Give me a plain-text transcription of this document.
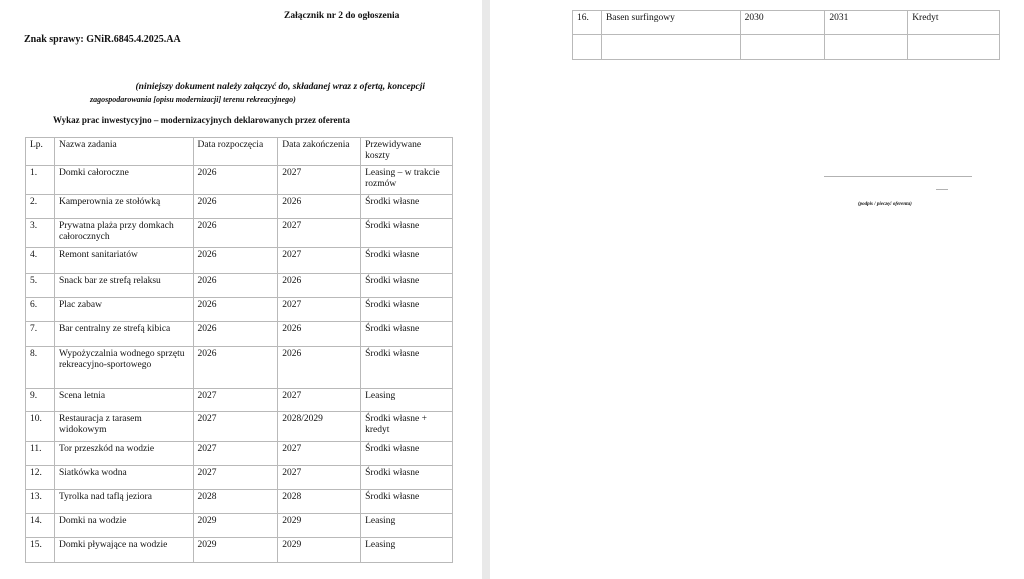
Załącznik nr 2 do ogłoszenia
Znak sprawy: GNiR.6845.4.2025.AA
(niniejszy dokument należy załączyć do, składanej wraz z ofertą, koncepcji
zagospodarowania [opisu modernizacji] terenu rekreacyjnego)
Wykaz prac inwestycyjno – modernizacyjnych deklarowanych przez oferenta
Lp.	Nazwa zadania	Data rozpoczęcia	Data zakończenia	Przewidywane koszty
1.	Domki całoroczne	2026	2027	Leasing – w trakcie rozmów
2.	Kamperownia ze stołówką	2026	2026	Środki własne
3.	Prywatna plaża przy domkach całorocznych	2026	2027	Środki własne
4.	Remont sanitariatów	2026	2027	Środki własne
5.	Snack bar ze strefą relaksu	2026	2026	Środki własne
6.	Plac zabaw	2026	2027	Środki własne
7.	Bar centralny ze strefą kibica	2026	2026	Środki własne
8.	Wypożyczalnia wodnego sprzętu rekreacyjno-sportowego	2026	2026	Środki własne
9.	Scena letnia	2027	2027	Leasing
10.	Restauracja z tarasem widokowym	2027	2028/2029	Środki własne + kredyt
11.	Tor przeszkód na wodzie	2027	2027	Środki własne
12.	Siatkówka wodna	2027	2027	Środki własne
13.	Tyrolka nad taflą jeziora	2028	2028	Środki własne
14.	Domki na wodzie	2029	2029	Leasing
15.	Domki pływające na wodzie	2029	2029	Leasing
16.	Basen surfingowy	2030	2031	Kredyt

..........................................................................
......
(podpis / pieczęć oferenta)
